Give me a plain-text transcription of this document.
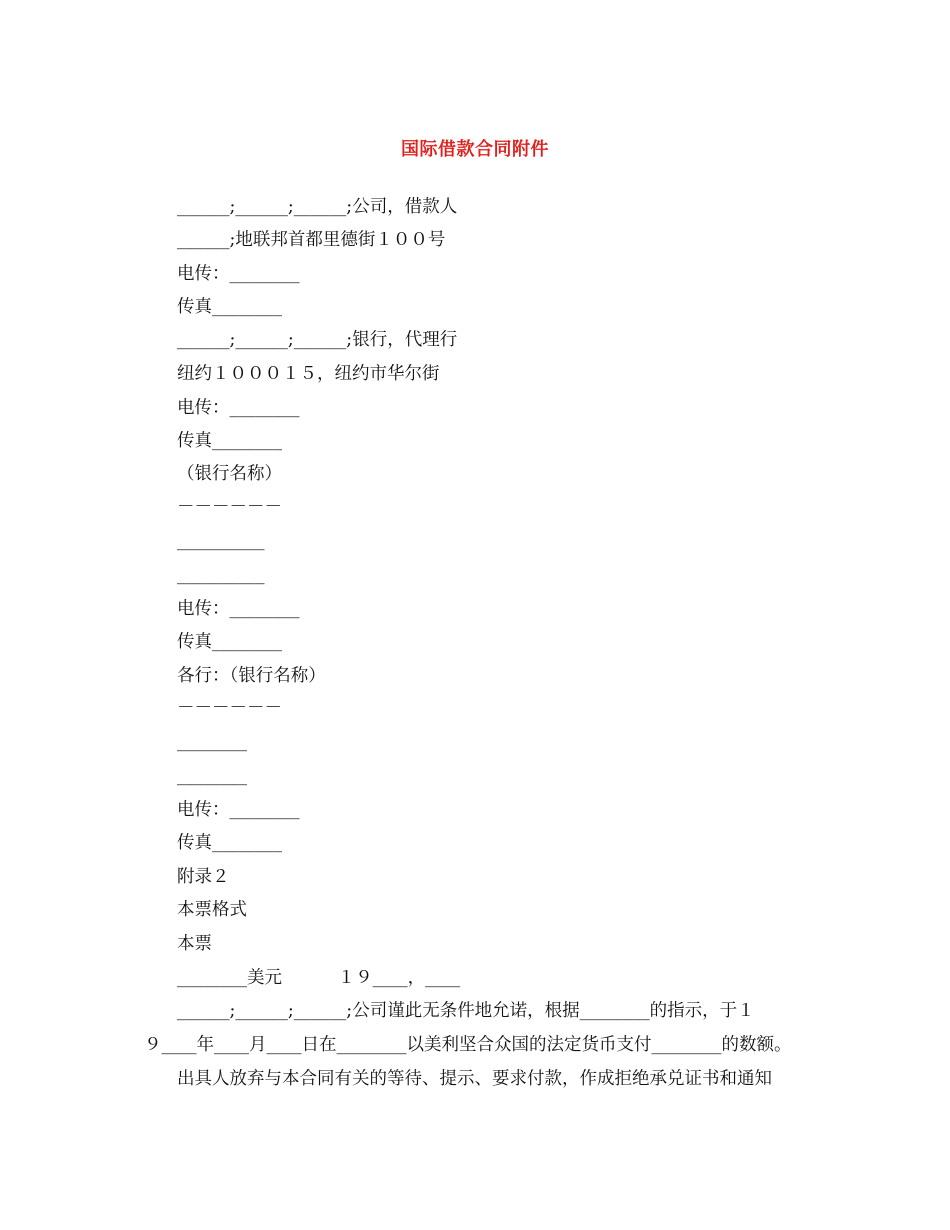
国际借款合同附件

______;______;______;公司，借款人

______;地联邦首都里德街１００号

电传：________

传真________

______;______;______;银行，代理行

纽约１０００１５，纽约市华尔街

电传：________

传真________

（银行名称）

－－－－－－

__________

__________

电传：________

传真________

各行：（银行名称）

－－－－－－

________

________

电传：________

传真________

附录２

本票格式

本票

________美元          １９____，____

______;______;______;公司谨此无条件地允诺，根据________的指示，于１

９____年____月____日在________以美利坚合众国的法定货币支付________的数额。

出具人放弃与本合同有关的等待、提示、要求付款，作成拒绝承兑证书和通知
